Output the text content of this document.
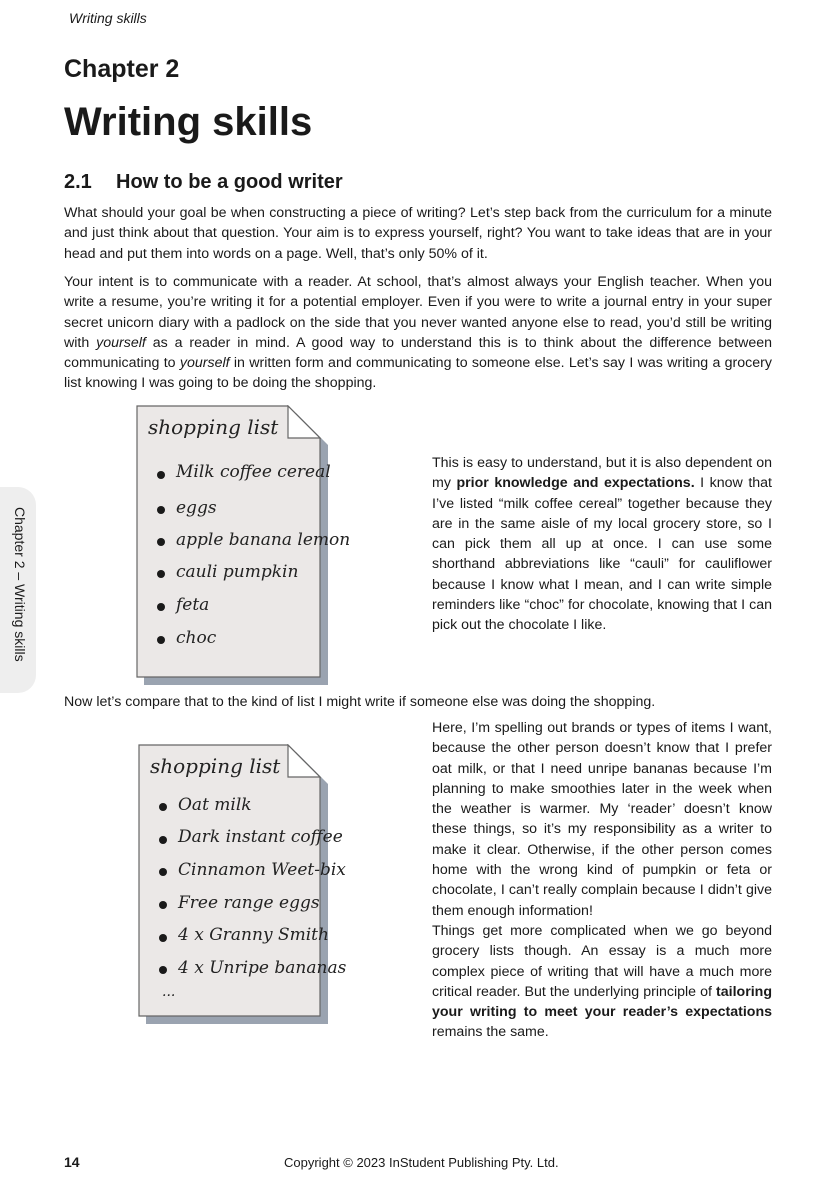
Writing skills
Chapter 2
Writing skills
2.1 How to be a good writer

What should your goal be when constructing a piece of writing? Let’s step back from the curriculum for a minute and just think about that question. Your aim is to express yourself, right? You want to take ideas that are in your head and put them into words on a page. Well, that’s only 50% of it.

Your intent is to communicate with a reader. At school, that’s almost always your English teacher. When you write a resume, you’re writing it for a potential employer. Even if you were to write a journal entry in your super secret unicorn diary with a padlock on the side that you never wanted anyone else to read, you’d still be writing with yourself as a reader in mind. A good way to understand this is to think about the difference between communicating to yourself in written form and communicating to someone else. Let’s say I was writing a grocery list knowing I was going to be doing the shopping.

Chapter 2 – Writing skills
shopping list
Milk coffee cereal
eggs
apple banana lemon
cauli pumpkin
feta
choc

This is easy to understand, but it is also dependent on my prior knowledge and expectations. I know that I’ve listed “milk coffee cereal” together because they are in the same aisle of my local grocery store, so I can pick them all up at once. I can use some shorthand abbreviations like “cauli” for cauliflower because I know what I mean, and I can write simple reminders like “choc” for chocolate, knowing that I can pick out the chocolate I like.

Now let’s compare that to the kind of list I might write if someone else was doing the shopping.
shopping list
Oat milk
Dark instant coffee
Cinnamon Weet-bix
Free range eggs
4 x Granny Smith
4 x Unripe bananas
...

Here, I’m spelling out brands or types of items I want, because the other person doesn’t know that I prefer oat milk, or that I need unripe bananas because I’m planning to make smoothies later in the week when the weather is warmer. My ‘reader’ doesn’t know these things, so it’s my responsibility as a writer to make it clear. Otherwise, if the other person comes home with the wrong kind of pumpkin or feta or chocolate, I can’t really complain because I didn’t give them enough information!

Things get more complicated when we go beyond grocery lists though. An essay is a much more complex piece of writing that will have a much more critical reader. But the underlying principle of tailoring your writing to meet your reader’s expectations remains the same.

14	Copyright © 2023 InStudent Publishing Pty. Ltd.
